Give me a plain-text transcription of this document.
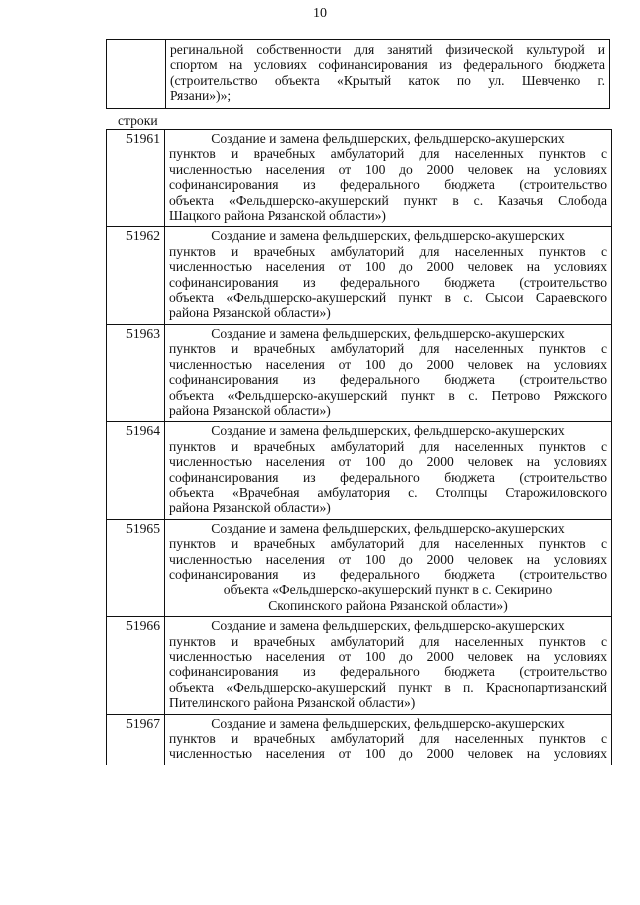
10
регинальной собственности для занятий физической культурой и
спортом на условиях софинансирования из федерального бюджета
(строительство объекта «Крытый каток по ул. Шевченко г.
Рязани»)»;
строки
51961	Создание и замена фельдшерских, фельдшерско-акушерских
пунктов и врачебных амбулаторий для населенных пунктов с
численностью населения от 100 до 2000 человек на условиях
софинансирования из федерального бюджета (строительство
объекта «Фельдшерско-акушерский пункт в с. Казачья Слобода
Шацкого района Рязанской области»)
51962	Создание и замена фельдшерских, фельдшерско-акушерских
пунктов и врачебных амбулаторий для населенных пунктов с
численностью населения от 100 до 2000 человек на условиях
софинансирования из федерального бюджета (строительство
объекта «Фельдшерско-акушерский пункт в с. Сысои Сараевского
района Рязанской области»)
51963	Создание и замена фельдшерских, фельдшерско-акушерских
пунктов и врачебных амбулаторий для населенных пунктов с
численностью населения от 100 до 2000 человек на условиях
софинансирования из федерального бюджета (строительство
объекта «Фельдшерско-акушерский пункт в с. Петрово Ряжского
района Рязанской области»)
51964	Создание и замена фельдшерских, фельдшерско-акушерских
пунктов и врачебных амбулаторий для населенных пунктов с
численностью населения от 100 до 2000 человек на условиях
софинансирования из федерального бюджета (строительство
объекта «Врачебная амбулатория с. Столпцы Старожиловского
района Рязанской области»)
51965	Создание и замена фельдшерских, фельдшерско-акушерских
пунктов и врачебных амбулаторий для населенных пунктов с
численностью населения от 100 до 2000 человек на условиях
софинансирования из федерального бюджета (строительство
объекта «Фельдшерско-акушерский пункт в с. Секирино
Скопинского района Рязанской области»)
51966	Создание и замена фельдшерских, фельдшерско-акушерских
пунктов и врачебных амбулаторий для населенных пунктов с
численностью населения от 100 до 2000 человек на условиях
софинансирования из федерального бюджета (строительство
объекта «Фельдшерско-акушерский пункт в п. Краснопартизанский
Пителинского района Рязанской области»)
51967	Создание и замена фельдшерских, фельдшерско-акушерских
пунктов и врачебных амбулаторий для населенных пунктов с
численностью населения от 100 до 2000 человек на условиях
